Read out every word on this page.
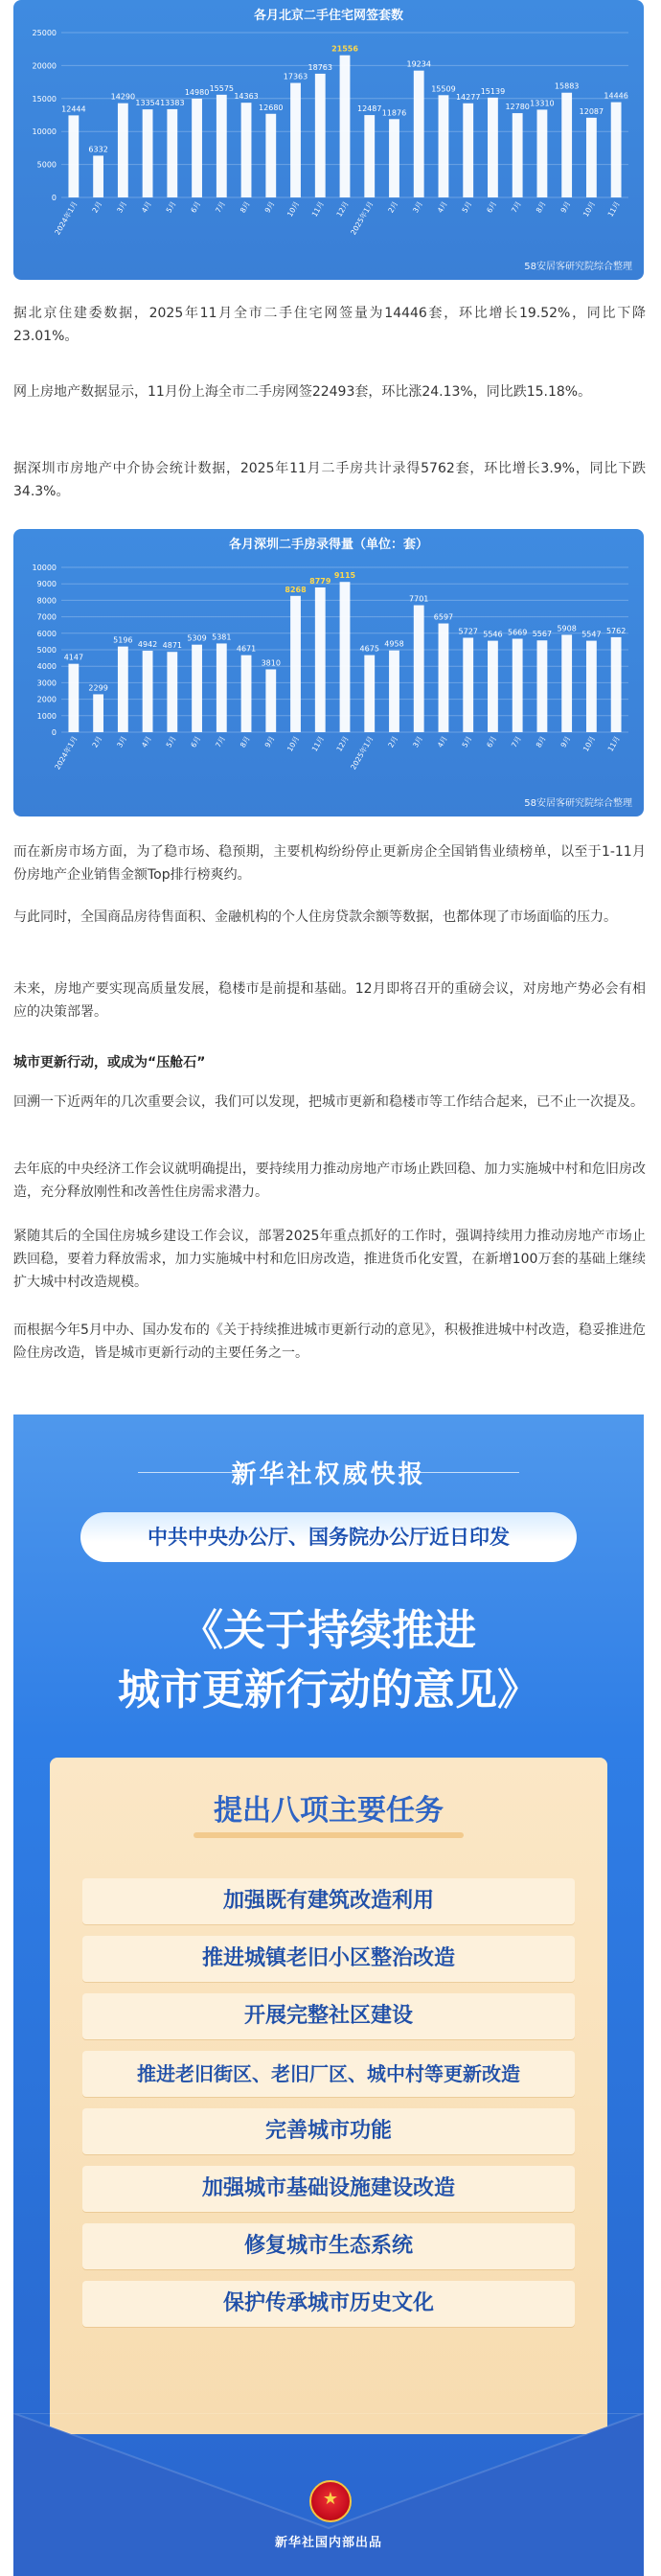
各月北京二手住宅网签套数
0
5000
10000
15000
20000
25000
12444
2024年1月
6332
2月
14290
3月
13354
4月
13383
5月
14980
6月
15575
7月
14363
8月
12680
9月
17363
10月
18763
11月
21556
12月
12487
2025年1月
11876
2月
19234
3月
15509
4月
14277
5月
15139
6月
12780
7月
13310
8月
15883
9月
12087
10月
14446
11月
58安居客研究院综合整理

据北京住建委数据，2025年11月全市二手住宅网签量为14446套，环比增长19.52%，同比下降23.01%。

网上房地产数据显示，11月份上海全市二手房网签22493套，环比涨24.13%，同比跌15.18%。

据深圳市房地产中介协会统计数据，2025年11月二手房共计录得5762套，环比增长3.9%，同比下跌34.3%。

各月深圳二手房录得量（单位：套）
0
1000
2000
3000
4000
5000
6000
7000
8000
9000
10000
4147
2024年1月
2299
2月
5196
3月
4942
4月
4871
5月
5309
6月
5381
7月
4671
8月
3810
9月
8268
10月
8779
11月
9115
12月
4675
2025年1月
4958
2月
7701
3月
6597
4月
5727
5月
5546
6月
5669
7月
5567
8月
5908
9月
5547
10月
5762
11月
58安居客研究院综合整理

而在新房市场方面，为了稳市场、稳预期，主要机构纷纷停止更新房企全国销售业绩榜单，以至于1-11月份房地产企业销售金额Top排行榜爽约。

与此同时，全国商品房待售面积、金融机构的个人住房贷款余额等数据，也都体现了市场面临的压力。

未来，房地产要实现高质量发展，稳楼市是前提和基础。12月即将召开的重磅会议，对房地产势必会有相应的决策部署。

城市更新行动，或成为“压舱石”

回溯一下近两年的几次重要会议，我们可以发现，把城市更新和稳楼市等工作结合起来，已不止一次提及。

去年底的中央经济工作会议就明确提出，要持续用力推动房地产市场止跌回稳、加力实施城中村和危旧房改造，充分释放刚性和改善性住房需求潜力。

紧随其后的全国住房城乡建设工作会议，部署2025年重点抓好的工作时，强调持续用力推动房地产市场止跌回稳，要着力释放需求，加力实施城中村和危旧房改造，推进货币化安置，在新增100万套的基础上继续扩大城中村改造规模。

而根据今年5月中办、国办发布的《关于持续推进城市更新行动的意见》，积极推进城中村改造，稳妥推进危险住房改造，皆是城市更新行动的主要任务之一。

新华社权威快报
中共中央办公厅、国务院办公厅近日印发
《关于持续推进
城市更新行动的意见》
提出八项主要任务
加强既有建筑改造利用
推进城镇老旧小区整治改造
开展完整社区建设
推进老旧街区、老旧厂区、城中村等更新改造
完善城市功能
加强城市基础设施建设改造
修复城市生态系统
保护传承城市历史文化
★
新华社国内部出品
